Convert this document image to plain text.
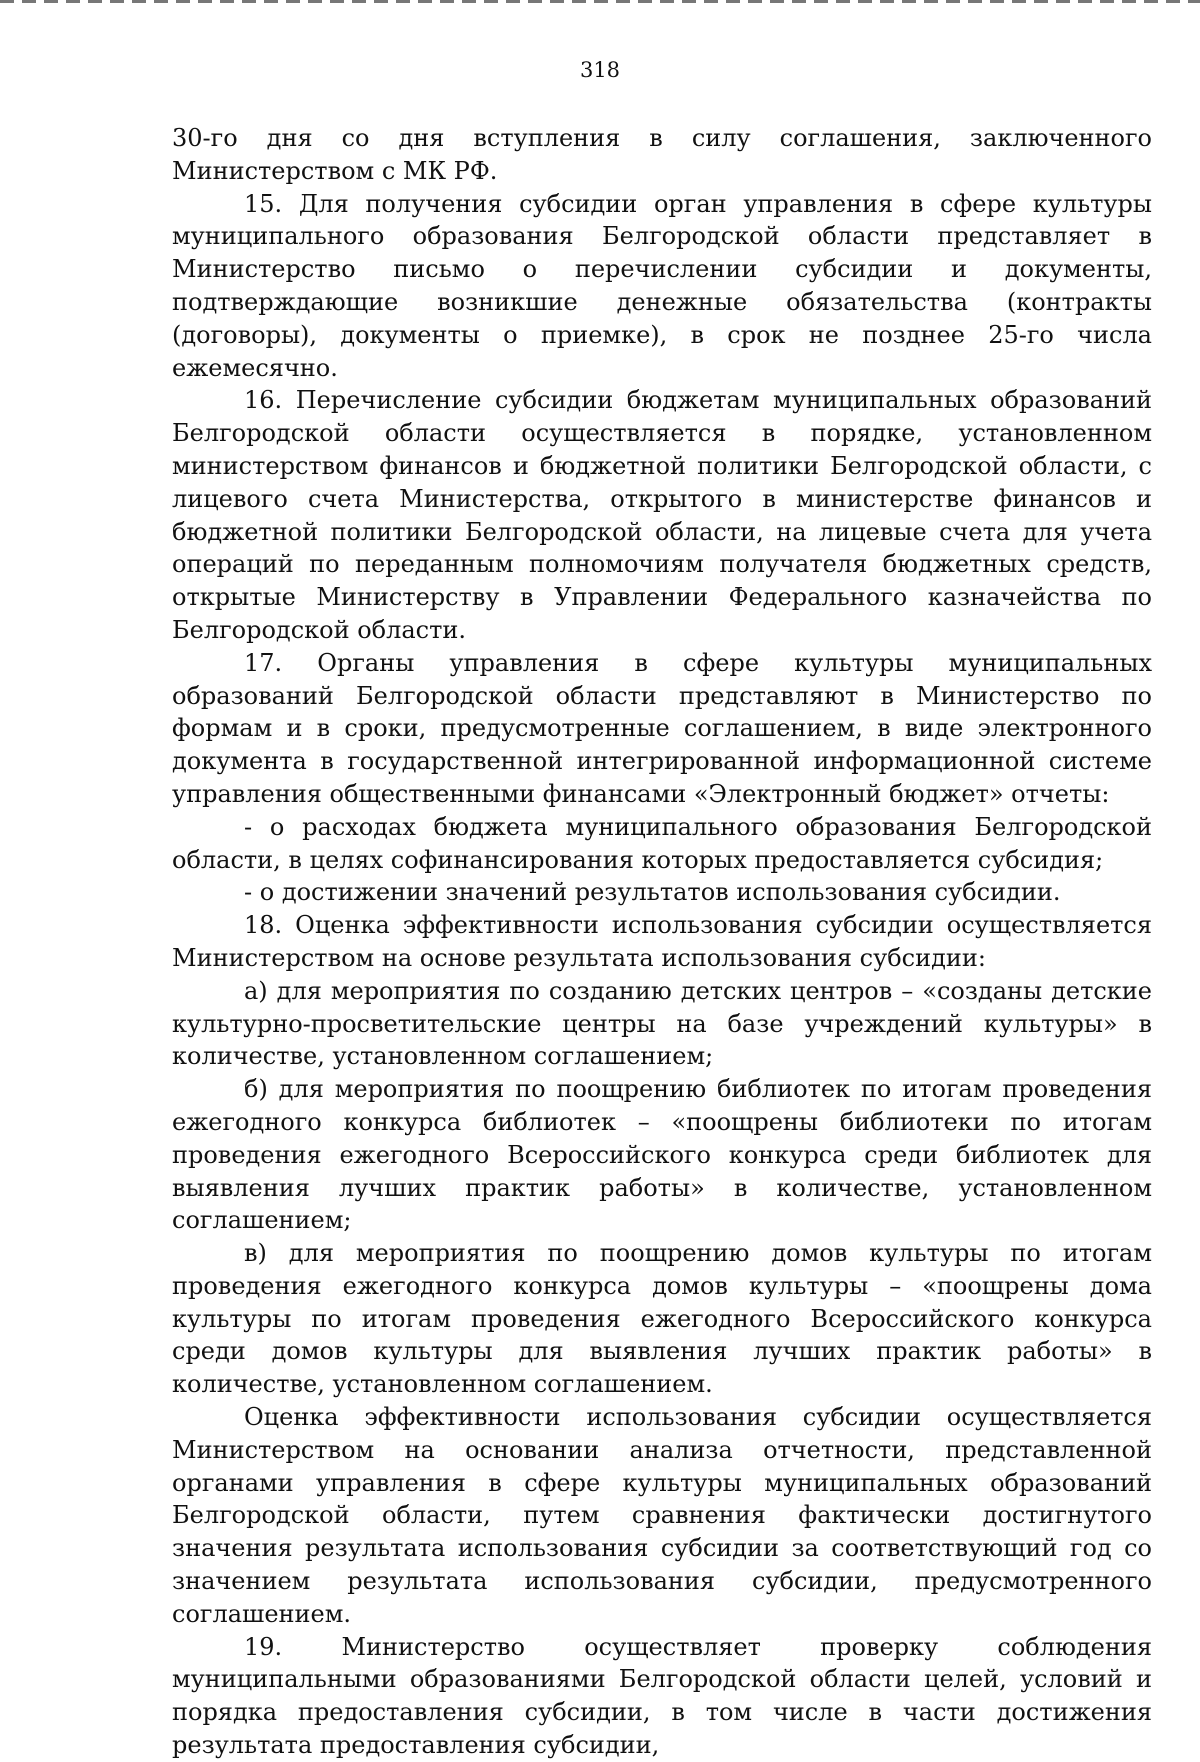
318

30-го дня со дня вступления в силу соглашения, заключенного Министерством с МК РФ.

15. Для получения субсидии орган управления в сфере культуры муниципального образования Белгородской области представляет в Министерство письмо о перечислении субсидии и документы, подтверждающие возникшие денежные обязательства (контракты (договоры), документы о приемке), в срок не позднее 25-го числа ежемесячно.

16. Перечисление субсидии бюджетам муниципальных образований Белгородской области осуществляется в порядке, установленном министерством финансов и бюджетной политики Белгородской области, с лицевого счета Министерства, открытого в министерстве финансов и бюджетной политики Белгородской области, на лицевые счета для учета операций по переданным полномочиям получателя бюджетных средств, открытые Министерству в Управлении Федерального казначейства по Белгородской области.

17. Органы управления в сфере культуры муниципальных образований Белгородской области представляют в Министерство по формам и в сроки, предусмотренные соглашением, в виде электронного документа в государственной интегрированной информационной системе управления общественными финансами «Электронный бюджет» отчеты:

- о расходах бюджета муниципального образования Белгородской области, в целях софинансирования которых предоставляется субсидия;

- о достижении значений результатов использования субсидии.

18. Оценка эффективности использования субсидии осуществляется Министерством на основе результата использования субсидии:

а) для мероприятия по созданию детских центров – «созданы детские культурно-просветительские центры на базе учреждений культуры» в количестве, установленном соглашением;

б) для мероприятия по поощрению библиотек по итогам проведения ежегодного конкурса библиотек – «поощрены библиотеки по итогам проведения ежегодного Всероссийского конкурса среди библиотек для выявления лучших практик работы» в количестве, установленном соглашением;

в) для мероприятия по поощрению домов культуры по итогам проведения ежегодного конкурса домов культуры – «поощрены дома культуры по итогам проведения ежегодного Всероссийского конкурса среди домов культуры для выявления лучших практик работы» в количестве, установленном соглашением.

Оценка эффективности использования субсидии осуществляется Министерством на основании анализа отчетности, представленной органами управления в сфере культуры муниципальных образований Белгородской области, путем сравнения фактически достигнутого значения результата использования субсидии за соответствующий год со значением результата использования субсидии, предусмотренного соглашением.

19. Министерство осуществляет проверку соблюдения муниципальными образованиями Белгородской области целей, условий и порядка предоставления субсидии, в том числе в части достижения результата предоставления субсидии,
